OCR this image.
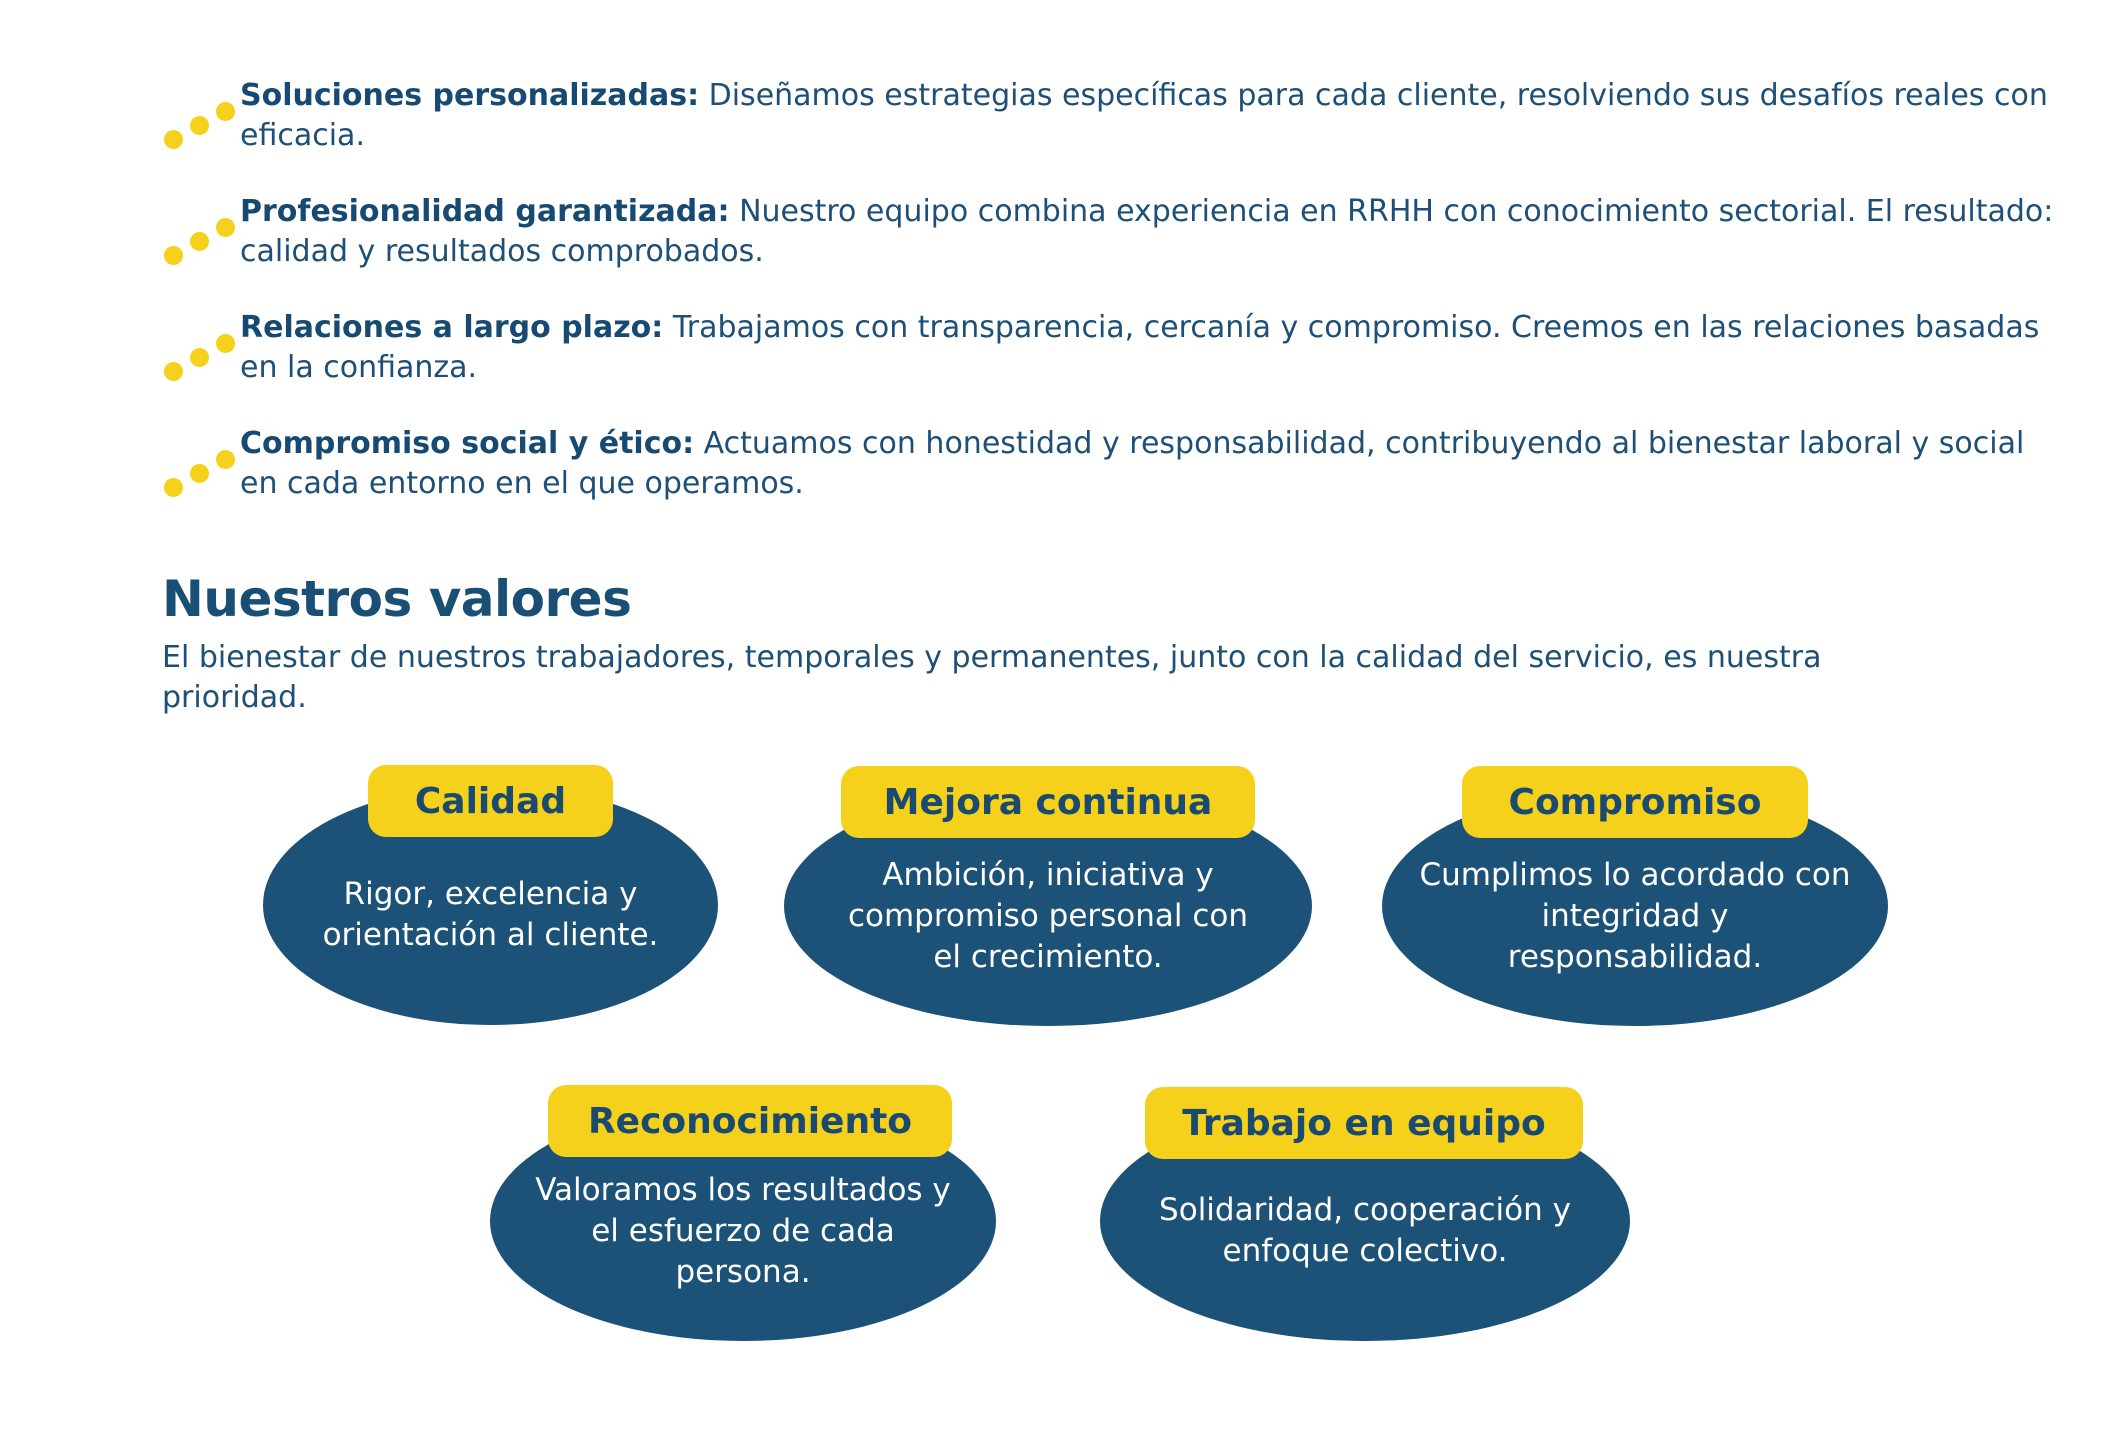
Soluciones personalizadas: Diseñamos estrategias específicas para cada cliente, resolviendo sus desafíos reales con eficacia.

Profesionalidad garantizada: Nuestro equipo combina experiencia en RRHH con conocimiento sectorial. El resultado: calidad y resultados comprobados.

Relaciones a largo plazo: Trabajamos con transparencia, cercanía y compromiso. Creemos en las relaciones basadas en la confianza.

Compromiso social y ético: Actuamos con honestidad y responsabilidad, contribuyendo al bienestar laboral y social en cada entorno en el que operamos.

Nuestros valores

El bienestar de nuestros trabajadores, temporales y permanentes, junto con la calidad del servicio, es nuestra prioridad.

Rigor, excelencia y orientación al cliente.
Calidad
Ambición, iniciativa y compromiso personal con el crecimiento.
Mejora continua
Cumplimos lo acordado con integridad y responsabilidad.
Compromiso
Valoramos los resultados y el esfuerzo de cada persona.
Reconocimiento
Solidaridad, cooperación y enfoque colectivo.
Trabajo en equipo
